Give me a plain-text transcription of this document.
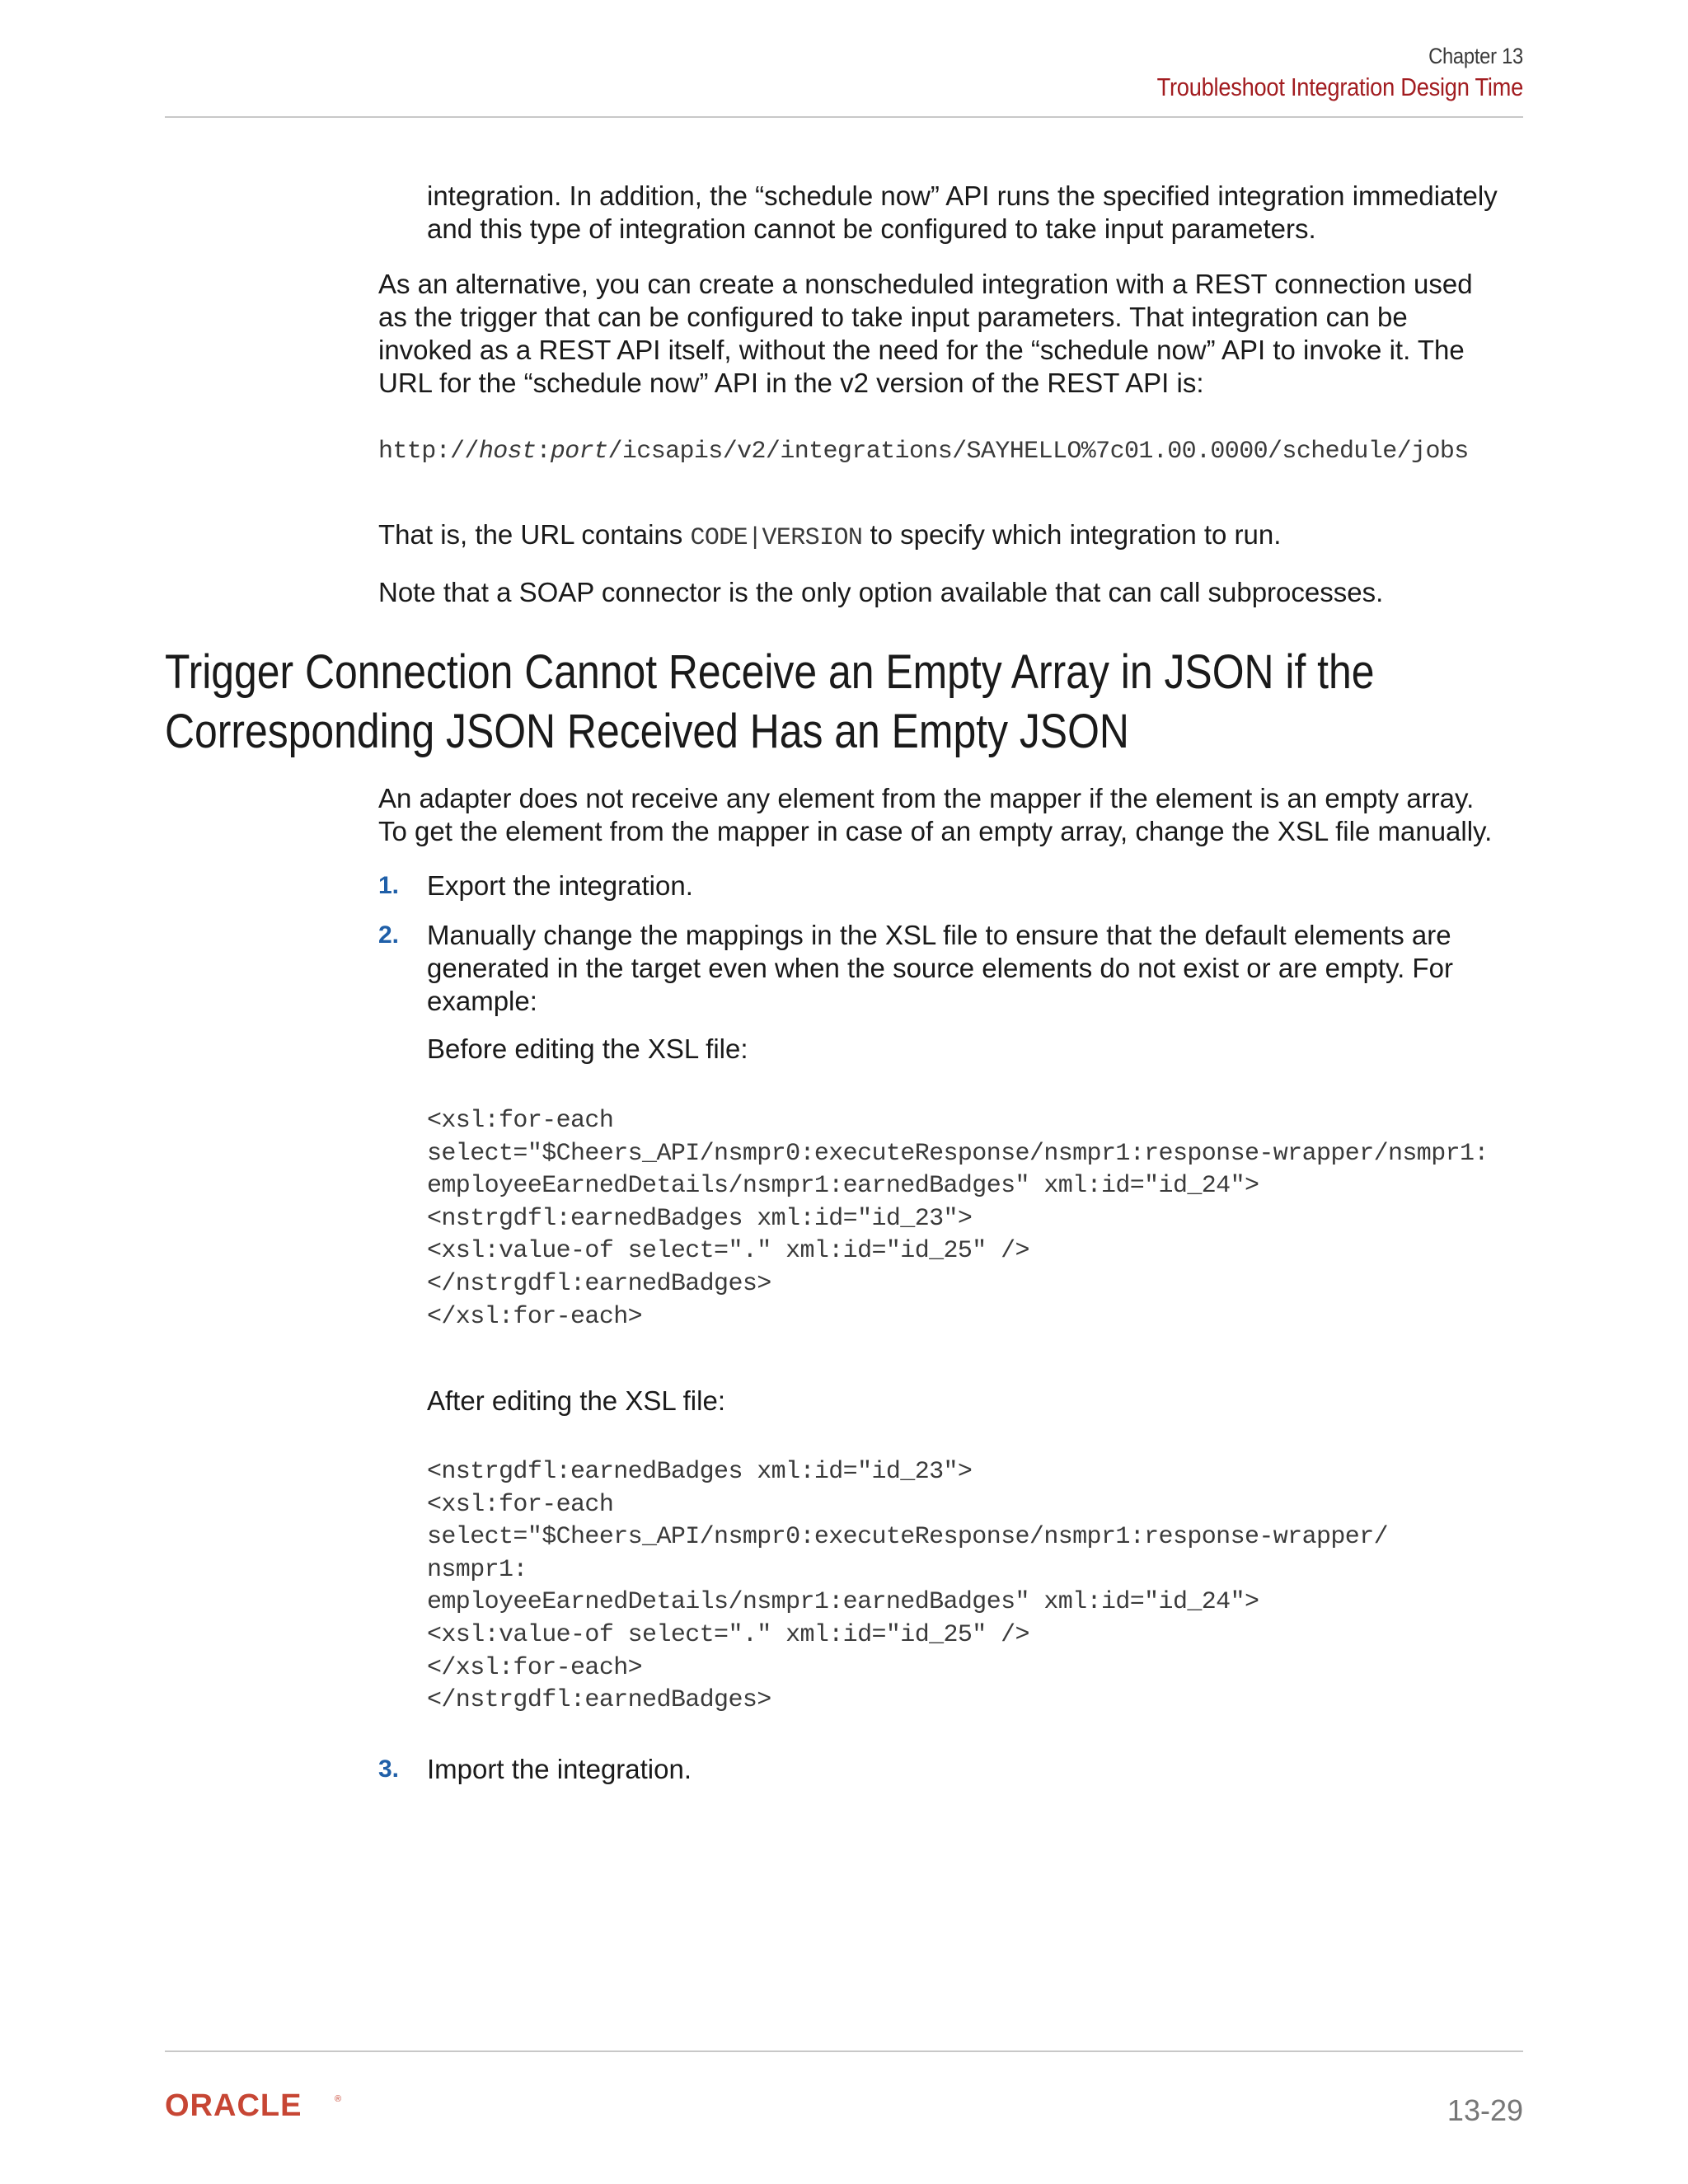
Chapter 13
Troubleshoot Integration Design Time
integration. In addition, the “schedule now” API runs the specified integration immediately and this type of integration cannot be configured to take input parameters.
As an alternative, you can create a nonscheduled integration with a REST connection used
as the trigger that can be configured to take input parameters. That integration can be
invoked as a REST API itself, without the need for the “schedule now” API to invoke it. The
URL for the “schedule now” API in the v2 version of the REST API is:
http://host:port/icsapis/v2/integrations/SAYHELLO%7c01.00.0000/schedule/jobs
That is, the URL contains CODE|VERSION to specify which integration to run.
Note that a SOAP connector is the only option available that can call subprocesses.
Trigger Connection Cannot Receive an Empty Array in JSON if the
Corresponding JSON Received Has an Empty JSON
An adapter does not receive any element from the mapper if the element is an empty array.
To get the element from the mapper in case of an empty array, change the XSL file manually.
1. Export the integration.
2. Manually change the mappings in the XSL file to ensure that the default elements are
generated in the target even when the source elements do not exist or are empty. For
example:
Before editing the XSL file:
<xsl:for-each
select="$Cheers_API/nsmpr0:executeResponse/nsmpr1:response-wrapper/nsmpr1:
employeeEarnedDetails/nsmpr1:earnedBadges" xml:id="id_24">
<nstrgdfl:earnedBadges xml:id="id_23">
<xsl:value-of select="." xml:id="id_25" />
</nstrgdfl:earnedBadges>
</xsl:for-each>
After editing the XSL file:
<nstrgdfl:earnedBadges xml:id="id_23">
<xsl:for-each
select="$Cheers_API/nsmpr0:executeResponse/nsmpr1:response-wrapper/
nsmpr1:
employeeEarnedDetails/nsmpr1:earnedBadges" xml:id="id_24">
<xsl:value-of select="." xml:id="id_25" />
</xsl:for-each>
</nstrgdfl:earnedBadges>
3. Import the integration.
ORACLE	®	13-29
